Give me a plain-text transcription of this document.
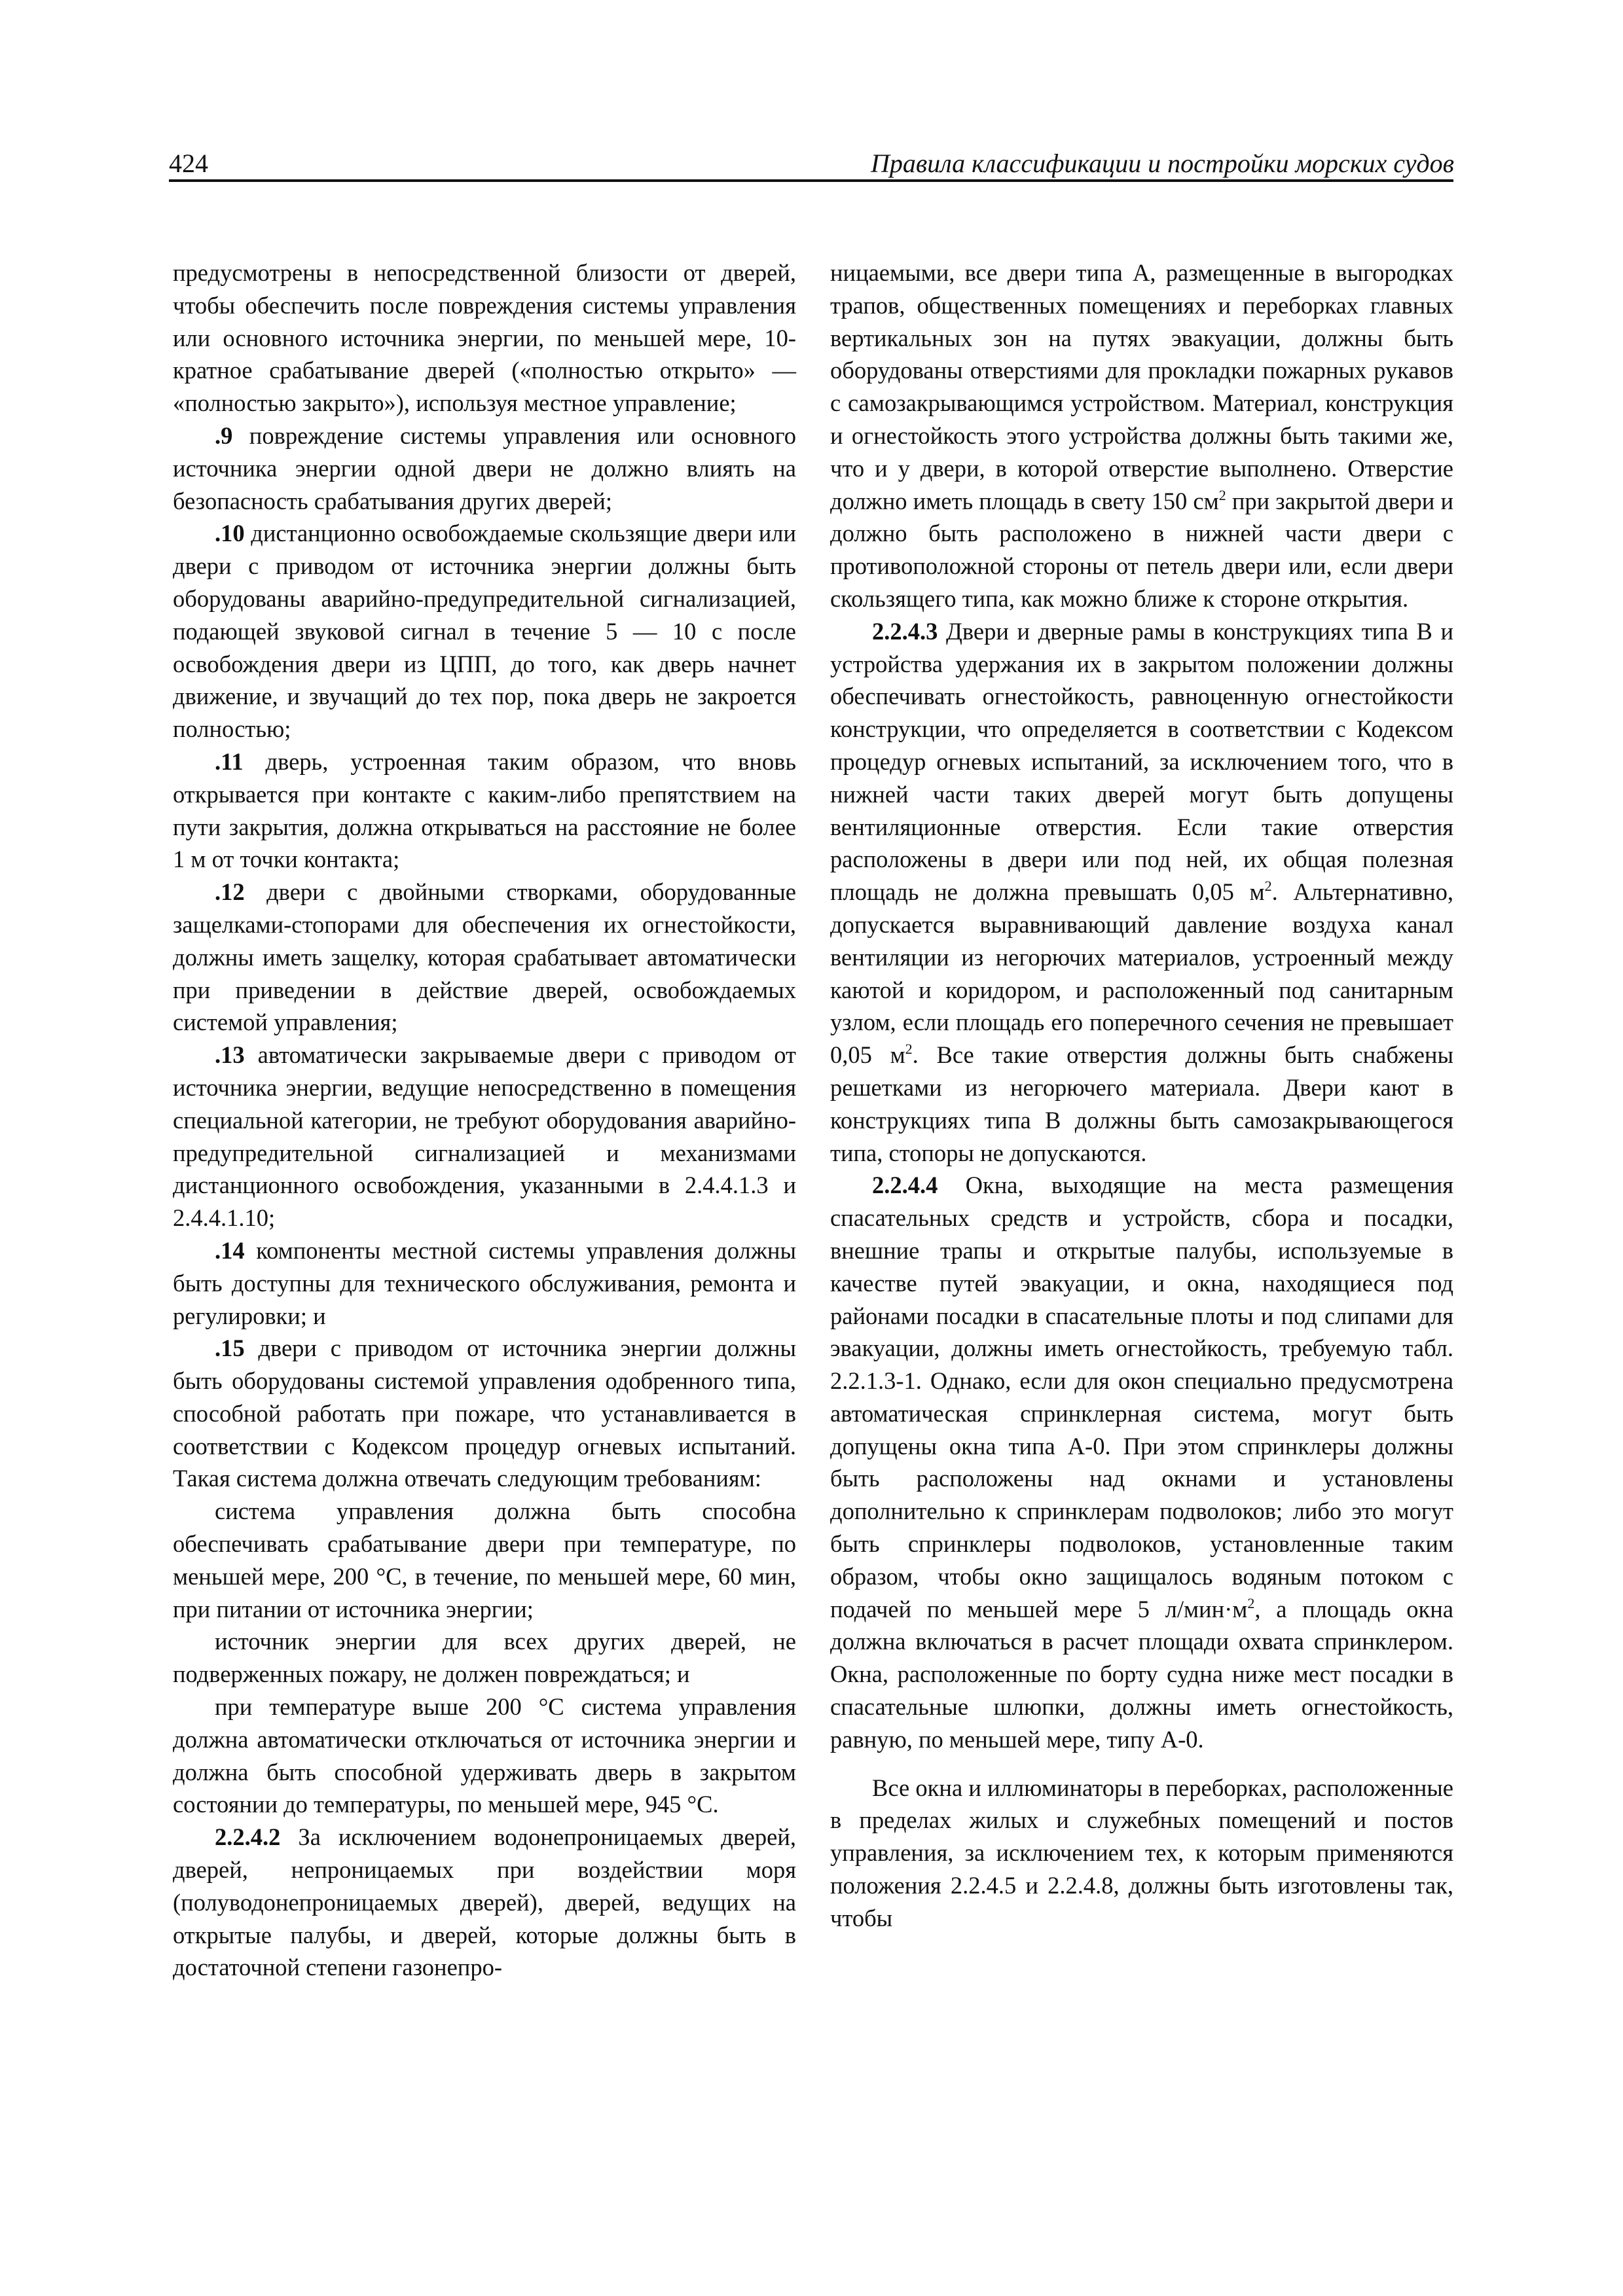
424	Правила классификации и постройки морских судов

предусмотрены в непосредственной близости от дверей, чтобы обеспечить после повреждения системы управления или основного источника энергии, по меньшей мере, 10-кратное срабатывание дверей («полностью открыто» — «полностью закрыто»), используя местное управление;

.9 повреждение системы управления или основного источника энергии одной двери не должно влиять на безопасность срабатывания других дверей;

.10 дистанционно освобождаемые скользящие двери или двери с приводом от источника энергии должны быть оборудованы аварийно-предупредительной сигнализацией, подающей звуковой сигнал в течение 5 — 10 с после освобождения двери из ЦПП, до того, как дверь начнет движение, и звучащий до тех пор, пока дверь не закроется полностью;

.11 дверь, устроенная таким образом, что вновь открывается при контакте с каким-либо препятствием на пути закрытия, должна открываться на расстояние не более 1 м от точки контакта;

.12 двери с двойными створками, оборудованные защелками-стопорами для обеспечения их огнестойкости, должны иметь защелку, которая срабатывает автоматически при приведении в действие дверей, освобождаемых системой управления;

.13 автоматически закрываемые двери с приводом от источника энергии, ведущие непосредственно в помещения специальной категории, не требуют оборудования аварийно-предупредительной сигнализацией и механизмами дистанционного освобождения, указанными в 2.4.4.1.3 и 2.4.4.1.10;

.14 компоненты местной системы управления должны быть доступны для технического обслуживания, ремонта и регулировки; и

.15 двери с приводом от источника энергии должны быть оборудованы системой управления одобренного типа, способной работать при пожаре, что устанавливается в соответствии с Кодексом процедур огневых испытаний. Такая система должна отвечать следующим требованиям:

система управления должна быть способна обеспечивать срабатывание двери при температуре, по меньшей мере, 200 °С, в течение, по меньшей мере, 60 мин, при питании от источника энергии;

источник энергии для всех других дверей, не подверженных пожару, не должен повреждаться; и

при температуре выше 200 °С система управления должна автоматически отключаться от источника энергии и должна быть способной удерживать дверь в закрытом состоянии до температуры, по меньшей мере, 945 °С.

2.2.4.2 За исключением водонепроницаемых дверей, дверей, непроницаемых при воздействии моря (полуводонепроницаемых дверей), дверей, ведущих на открытые палубы, и дверей, которые должны быть в достаточной степени газонепро-

ницаемыми, все двери типа А, размещенные в выгородках трапов, общественных помещениях и переборках главных вертикальных зон на путях эвакуации, должны быть оборудованы отверстиями для прокладки пожарных рукавов с самозакрывающимся устройством. Материал, конструкция и огнестойкость этого устройства должны быть такими же, что и у двери, в которой отверстие выполнено. Отверстие должно иметь площадь в свету 150 $см^2$ при закрытой двери и должно быть расположено в нижней части двери с противоположной стороны от петель двери или, если двери скользящего типа, как можно ближе к стороне открытия.

2.2.4.3 Двери и дверные рамы в конструкциях типа В и устройства удержания их в закрытом положении должны обеспечивать огнестойкость, равноценную огнестойкости конструкции, что определяется в соответствии с Кодексом процедур огневых испытаний, за исключением того, что в нижней части таких дверей могут быть допущены вентиляционные отверстия. Если такие отверстия расположены в двери или под ней, их общая полезная площадь не должна превышать 0,05 $м^2$. Альтернативно, допускается выравнивающий давление воздуха канал вентиляции из негорючих материалов, устроенный между каютой и коридором, и расположенный под санитарным узлом, если площадь его поперечного сечения не превышает 0,05 $м^2$. Все такие отверстия должны быть снабжены решетками из негорючего материала. Двери кают в конструкциях типа В должны быть самозакрывающегося типа, стопоры не допускаются.

2.2.4.4 Окна, выходящие на места размещения спасательных средств и устройств, сбора и посадки, внешние трапы и открытые палубы, используемые в качестве путей эвакуации, и окна, находящиеся под районами посадки в спасательные плоты и под слипами для эвакуации, должны иметь огнестойкость, требуемую табл. 2.2.1.3-1. Однако, если для окон специально предусмотрена автоматическая спринклерная система, могут быть допущены окна типа А-0. При этом спринклеры должны быть расположены над окнами и установлены дополнительно к спринклерам подволоков; либо это могут быть спринклеры подволоков, установленные таким образом, чтобы окно защищалось водяным потоком с подачей по меньшей мере 5 $л/мин\cdot м^2$, а площадь окна должна включаться в расчет площади охвата спринклером. Окна, расположенные по борту судна ниже мест посадки в спасательные шлюпки, должны иметь огнестойкость, равную, по меньшей мере, типу А-0.

Все окна и иллюминаторы в переборках, расположенные в пределах жилых и служебных помещений и постов управления, за исключением тех, к которым применяются положения 2.2.4.5 и 2.2.4.8, должны быть изготовлены так, чтобы
